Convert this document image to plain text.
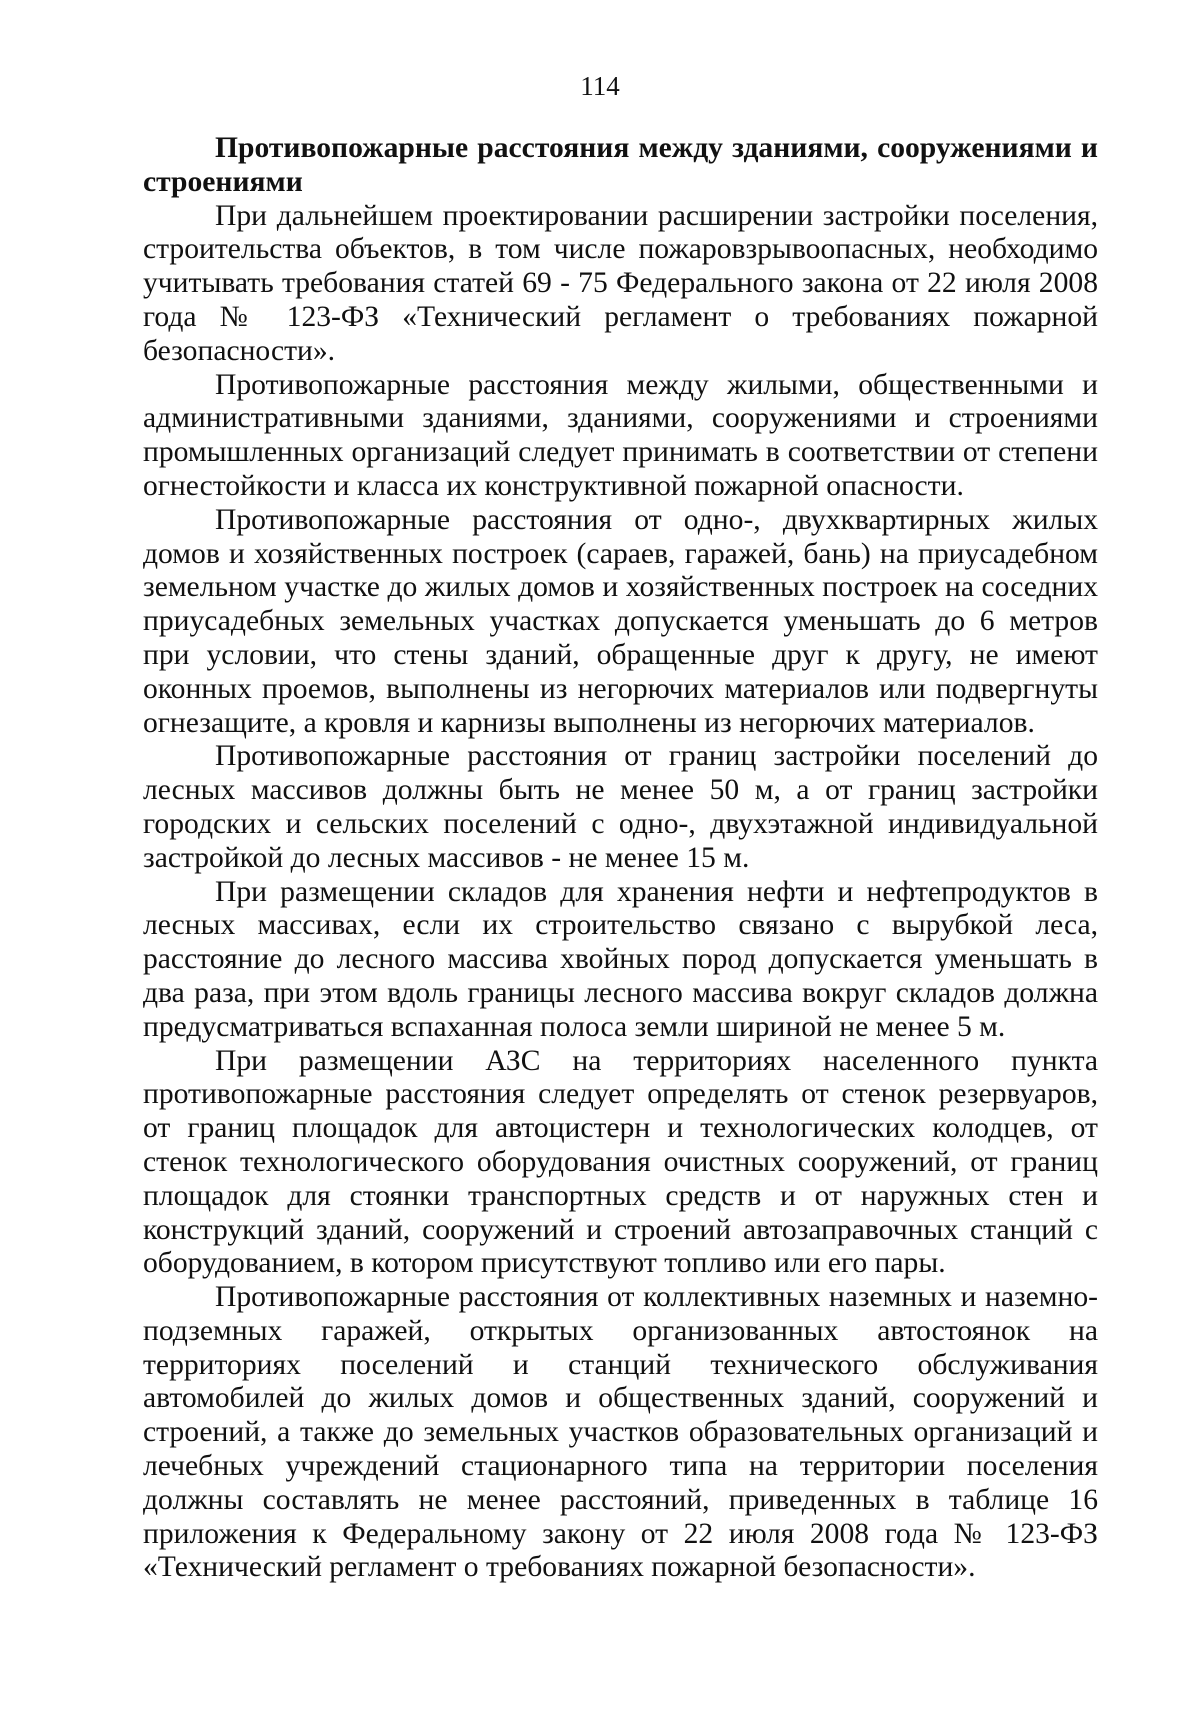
114

Противопожарные расстояния между зданиями, сооружениями и строениями

При дальнейшем проектировании расширении застройки поселения, строительства объектов, в том числе пожаровзрывоопасных, необходимо учитывать требования статей 69 - 75 Федерального закона от 22 июля 2008 года № 123-ФЗ «Технический регламент о требованиях пожарной безопасности».

Противопожарные расстояния между жилыми, общественными и административными зданиями, зданиями, сооружениями и строениями промышленных организаций следует принимать в соответствии от степени огнестойкости и класса их конструктивной пожарной опасности.

Противопожарные расстояния от одно-, двухквартирных жилых домов и хозяйственных построек (сараев, гаражей, бань) на приусадебном земельном участке до жилых домов и хозяйственных построек на соседних приусадебных земельных участках допускается уменьшать до 6 метров при условии, что стены зданий, обращенные друг к другу, не имеют оконных проемов, выполнены из негорючих материалов или подвергнуты огнезащите, а кровля и карнизы выполнены из негорючих материалов.

Противопожарные расстояния от границ застройки поселений до лесных массивов должны быть не менее 50 м, а от границ застройки городских и сельских поселений с одно-, двухэтажной индивидуальной застройкой до лесных массивов - не менее 15 м.

При размещении складов для хранения нефти и нефтепродуктов в лесных массивах, если их строительство связано с вырубкой леса, расстояние до лесного массива хвойных пород допускается уменьшать в два раза, при этом вдоль границы лесного массива вокруг складов должна предусматриваться вспаханная полоса земли шириной не менее 5 м.

При размещении АЗС на территориях населенного пункта противопожарные расстояния следует определять от стенок резервуаров, от границ площадок для автоцистерн и технологических колодцев, от стенок технологического оборудования очистных сооружений, от границ площадок для стоянки транспортных средств и от наружных стен и конструкций зданий, сооружений и строений автозаправочных станций с оборудованием, в котором присутствуют топливо или его пары.

Противопожарные расстояния от коллективных наземных и наземно-подземных гаражей, открытых организованных автостоянок на территориях поселений и станций технического обслуживания автомобилей до жилых домов и общественных зданий, сооружений и строений, а также до земельных участков образовательных организаций и лечебных учреждений стационарного типа на территории поселения должны составлять не менее расстояний, приведенных в таблице 16 приложения к Федеральному закону от 22 июля 2008 года № 123-ФЗ «Технический регламент о требованиях пожарной безопасности».
